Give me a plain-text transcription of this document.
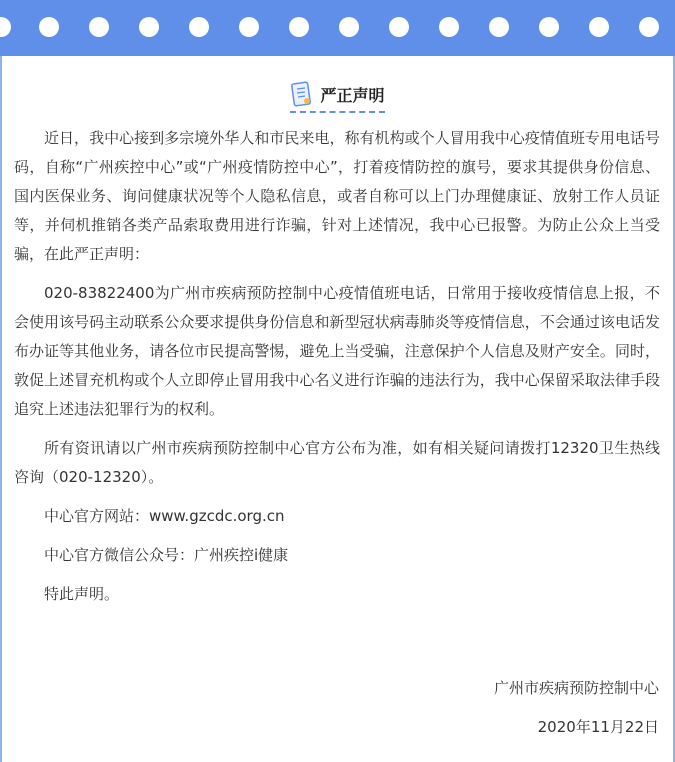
严正声明

近日，我中心接到多宗境外华人和市民来电，称有机构或个人冒用我中心疫情值班专用电话号码，自称“广州疾控中心”或“广州疫情防控中心”，打着疫情防控的旗号，要求其提供身份信息、国内医保业务、询问健康状况等个人隐私信息，或者自称可以上门办理健康证、放射工作人员证等，并伺机推销各类产品索取费用进行诈骗，针对上述情况，我中心已报警。为防止公众上当受骗，在此严正声明：

020-83822400为广州市疾病预防控制中心疫情值班电话，日常用于接收疫情信息上报，不会使用该号码主动联系公众要求提供身份信息和新型冠状病毒肺炎等疫情信息，不会通过该电话发布办证等其他业务，请各位市民提高警惕，避免上当受骗，注意保护个人信息及财产安全。同时，敦促上述冒充机构或个人立即停止冒用我中心名义进行诈骗的违法行为，我中心保留采取法律手段追究上述违法犯罪行为的权利。

所有资讯请以广州市疾病预防控制中心官方公布为准，如有相关疑问请拨打12320卫生热线咨询（020-12320）。

中心官方网站：www.gzcdc.org.cn

中心官方微信公众号：广州疾控i健康

特此声明。

广州市疾病预防控制中心
2020年11月22日
